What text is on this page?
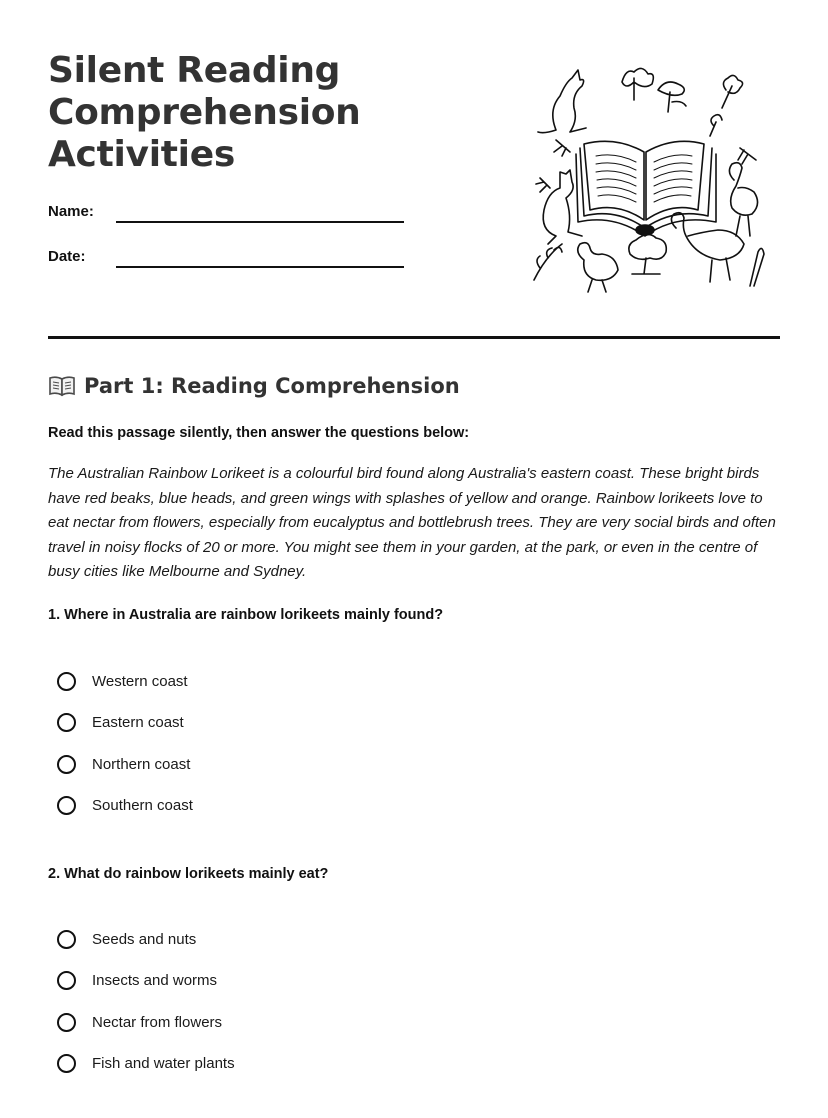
Silent Reading
Comprehension
Activities
Name:
Date:
Part 1: Reading Comprehension
Read this passage silently, then answer the questions below:

The Australian Rainbow Lorikeet is a colourful bird found along Australia's eastern coast. These bright birds have red beaks, blue heads, and green wings with splashes of yellow and orange. Rainbow lorikeets love to eat nectar from flowers, especially from eucalyptus and bottlebrush trees. They are very social birds and often travel in noisy flocks of 20 or more. You might see them in your garden, at the park, or even in the centre of busy cities like Melbourne and Sydney.

1. Where in Australia are rainbow lorikeets mainly found?
Western coast
Eastern coast
Northern coast
Southern coast
2. What do rainbow lorikeets mainly eat?
Seeds and nuts
Insects and worms
Nectar from flowers
Fish and water plants
